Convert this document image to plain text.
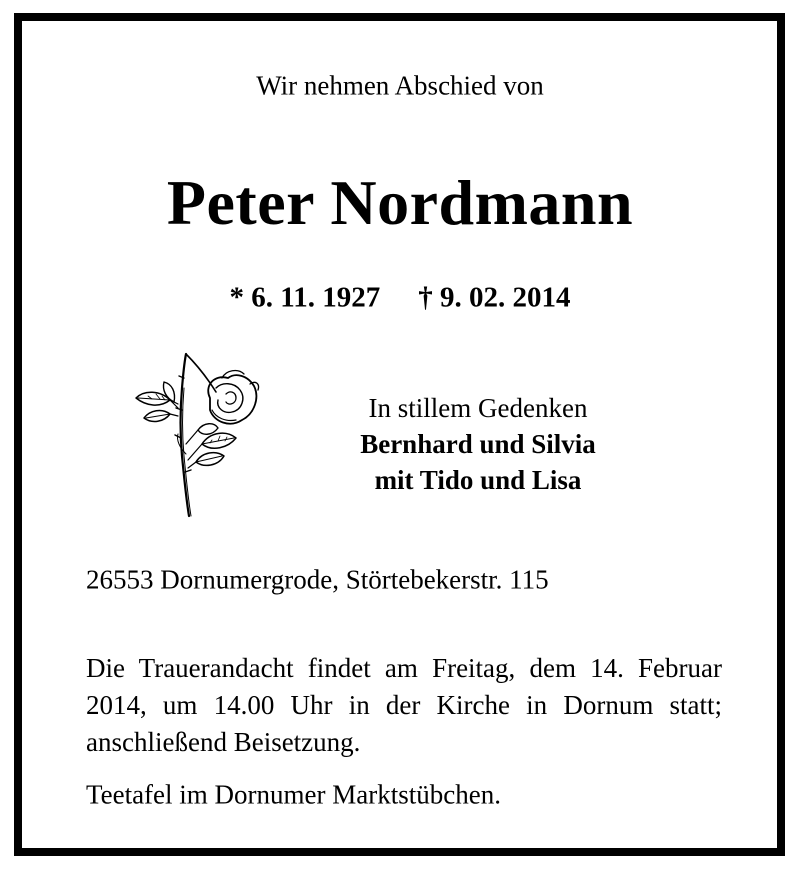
Wir nehmen Abschied von
Peter Nordmann
* 6. 11. 1927 † 9. 02. 2014
In stillem Gedenken
Bernhard und Silvia
mit Tido und Lisa
26553 Dornumergrode, Störtebekerstr. 115
Die Trauerandacht findet am Freitag, dem 14. Februar 2014, um 14.00 Uhr in der Kirche in Dornum statt; anschließend Beisetzung.
Teetafel im Dornumer Marktstübchen.
